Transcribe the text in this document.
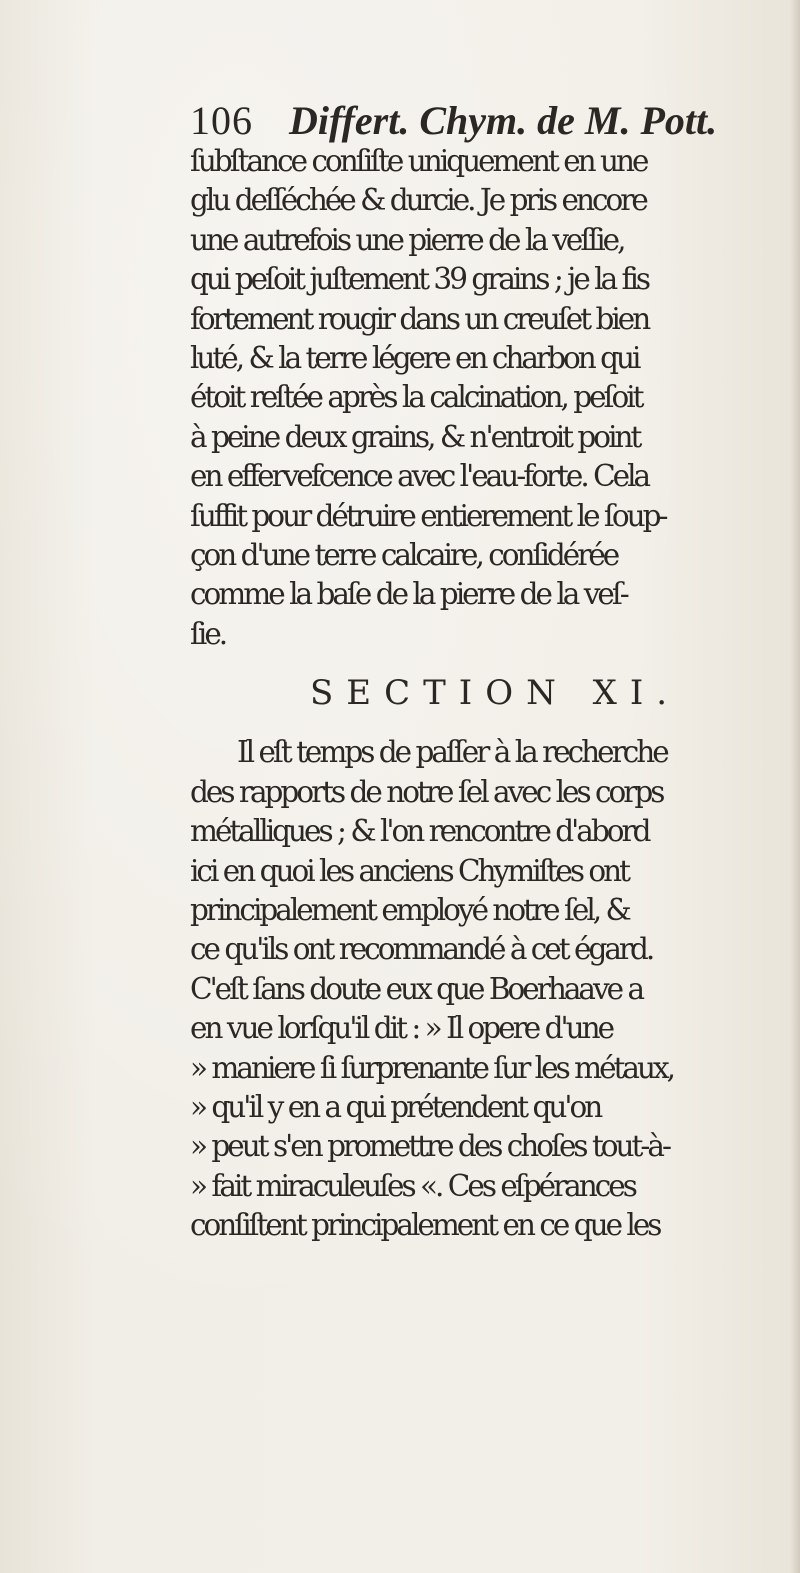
106 Differt. Chym. de M. Pott.
ſubſtance conſiſte uniquement en une
glu deſſéchée & durcie. Je pris encore
une autrefois une pierre de la veſſie,
qui peſoit juſtement 39 grains ; je la fis
fortement rougir dans un creuſet bien
luté, & la terre légere en charbon qui
étoit reſtée après la calcination, peſoit
à peine deux grains, & n'entroit point
en effervefcence avec l'eau-forte. Cela
ſuffit pour détruire entierement le ſoup-
çon d'une terre calcaire, conſidérée
comme la baſe de la pierre de la veſ-
ſie.
SECTION XI.
Il eſt temps de paſſer à la recherche
des rapports de notre ſel avec les corps
métalliques ; & l'on rencontre d'abord
ici en quoi les anciens Chymiſtes ont
principalement employé notre ſel, &
ce qu'ils ont recommandé à cet égard.
C'eſt ſans doute eux que Boerhaave a
en vue lorſqu'il dit : » Il opere d'une
» maniere ſi ſurprenante ſur les métaux,
» qu'il y en a qui prétendent qu'on
» peut s'en promettre des choſes tout-à-
» fait miraculeuſes «. Ces eſpérances
conſiſtent principalement en ce que les
